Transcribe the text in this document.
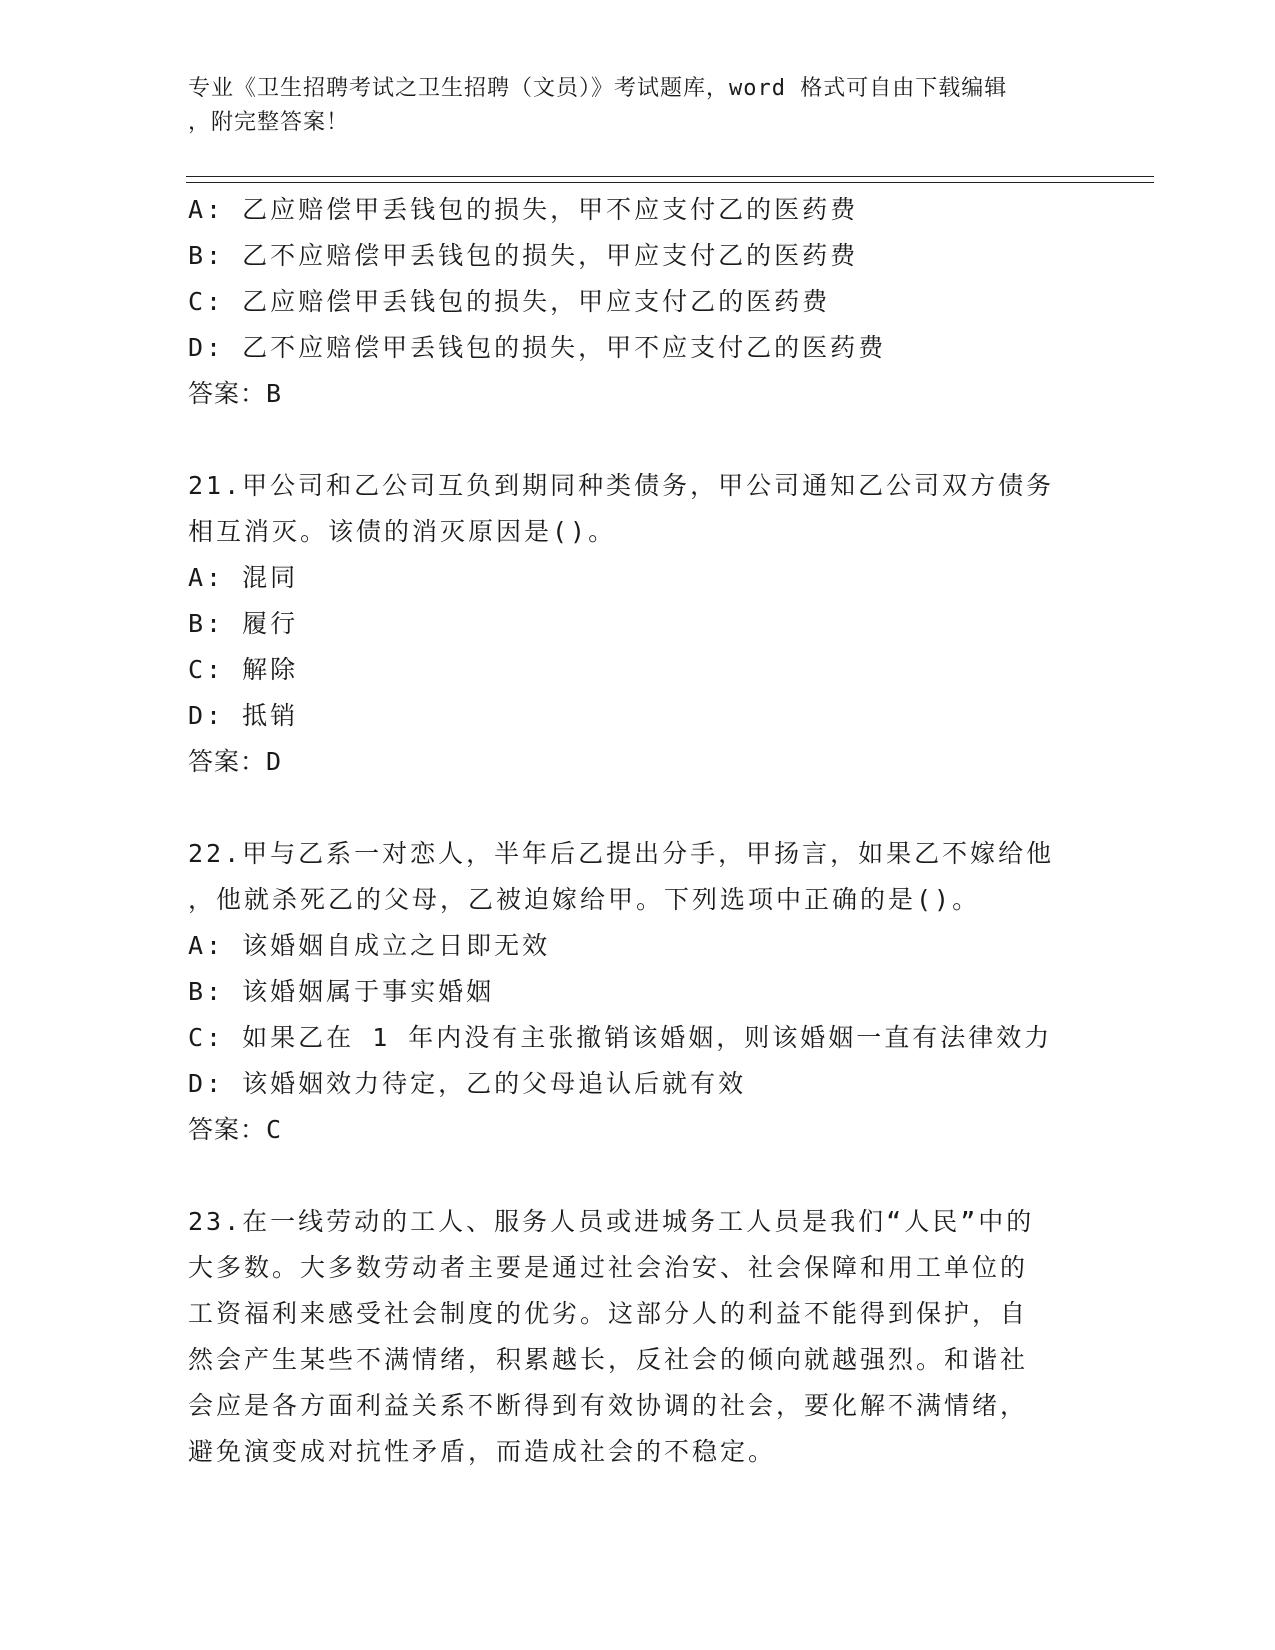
专业《卫生招聘考试之卫生招聘（文员）》考试题库，word 格式可自由下载编辑
，附完整答案！
A: 乙应赔偿甲丢钱包的损失，甲不应支付乙的医药费
B: 乙不应赔偿甲丢钱包的损失，甲应支付乙的医药费
C: 乙应赔偿甲丢钱包的损失，甲应支付乙的医药费
D: 乙不应赔偿甲丢钱包的损失，甲不应支付乙的医药费
答案：B
21.甲公司和乙公司互负到期同种类债务，甲公司通知乙公司双方债务
相互消灭。该债的消灭原因是()。
A: 混同
B: 履行
C: 解除
D: 抵销
答案：D
22.甲与乙系一对恋人，半年后乙提出分手，甲扬言，如果乙不嫁给他
，他就杀死乙的父母，乙被迫嫁给甲。下列选项中正确的是()。
A: 该婚姻自成立之日即无效
B: 该婚姻属于事实婚姻
C: 如果乙在 1 年内没有主张撤销该婚姻，则该婚姻一直有法律效力
D: 该婚姻效力待定，乙的父母追认后就有效
答案：C
23.在一线劳动的工人、服务人员或进城务工人员是我们“人民”中的
大多数。大多数劳动者主要是通过社会治安、社会保障和用工单位的
工资福利来感受社会制度的优劣。这部分人的利益不能得到保护，自
然会产生某些不满情绪，积累越长，反社会的倾向就越强烈。和谐社
会应是各方面利益关系不断得到有效协调的社会，要化解不满情绪，
避免演变成对抗性矛盾，而造成社会的不稳定。
